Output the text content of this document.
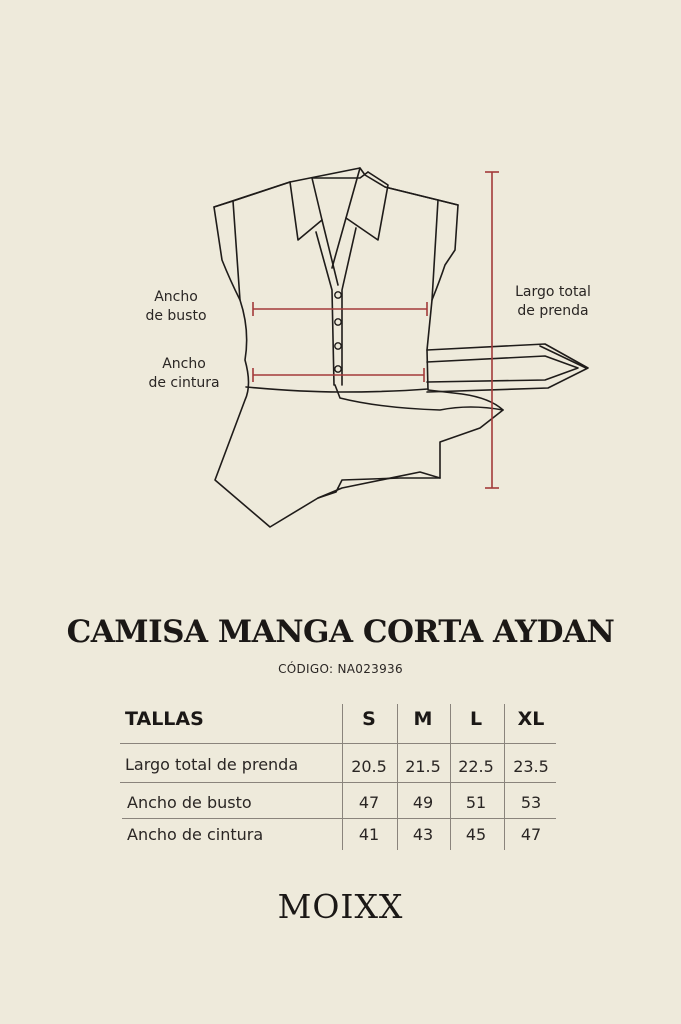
Ancho
de busto
Ancho
de cintura
Largo total
de prenda
CAMISA MANGA CORTA AYDAN
CÓDIGO: NA023936
TALLAS	S	M	L	XL
Largo total de prenda	20.5	21.5	22.5	23.5
Ancho de busto	47	49	51	53
Ancho de cintura	41	43	45	47
MOIXX
